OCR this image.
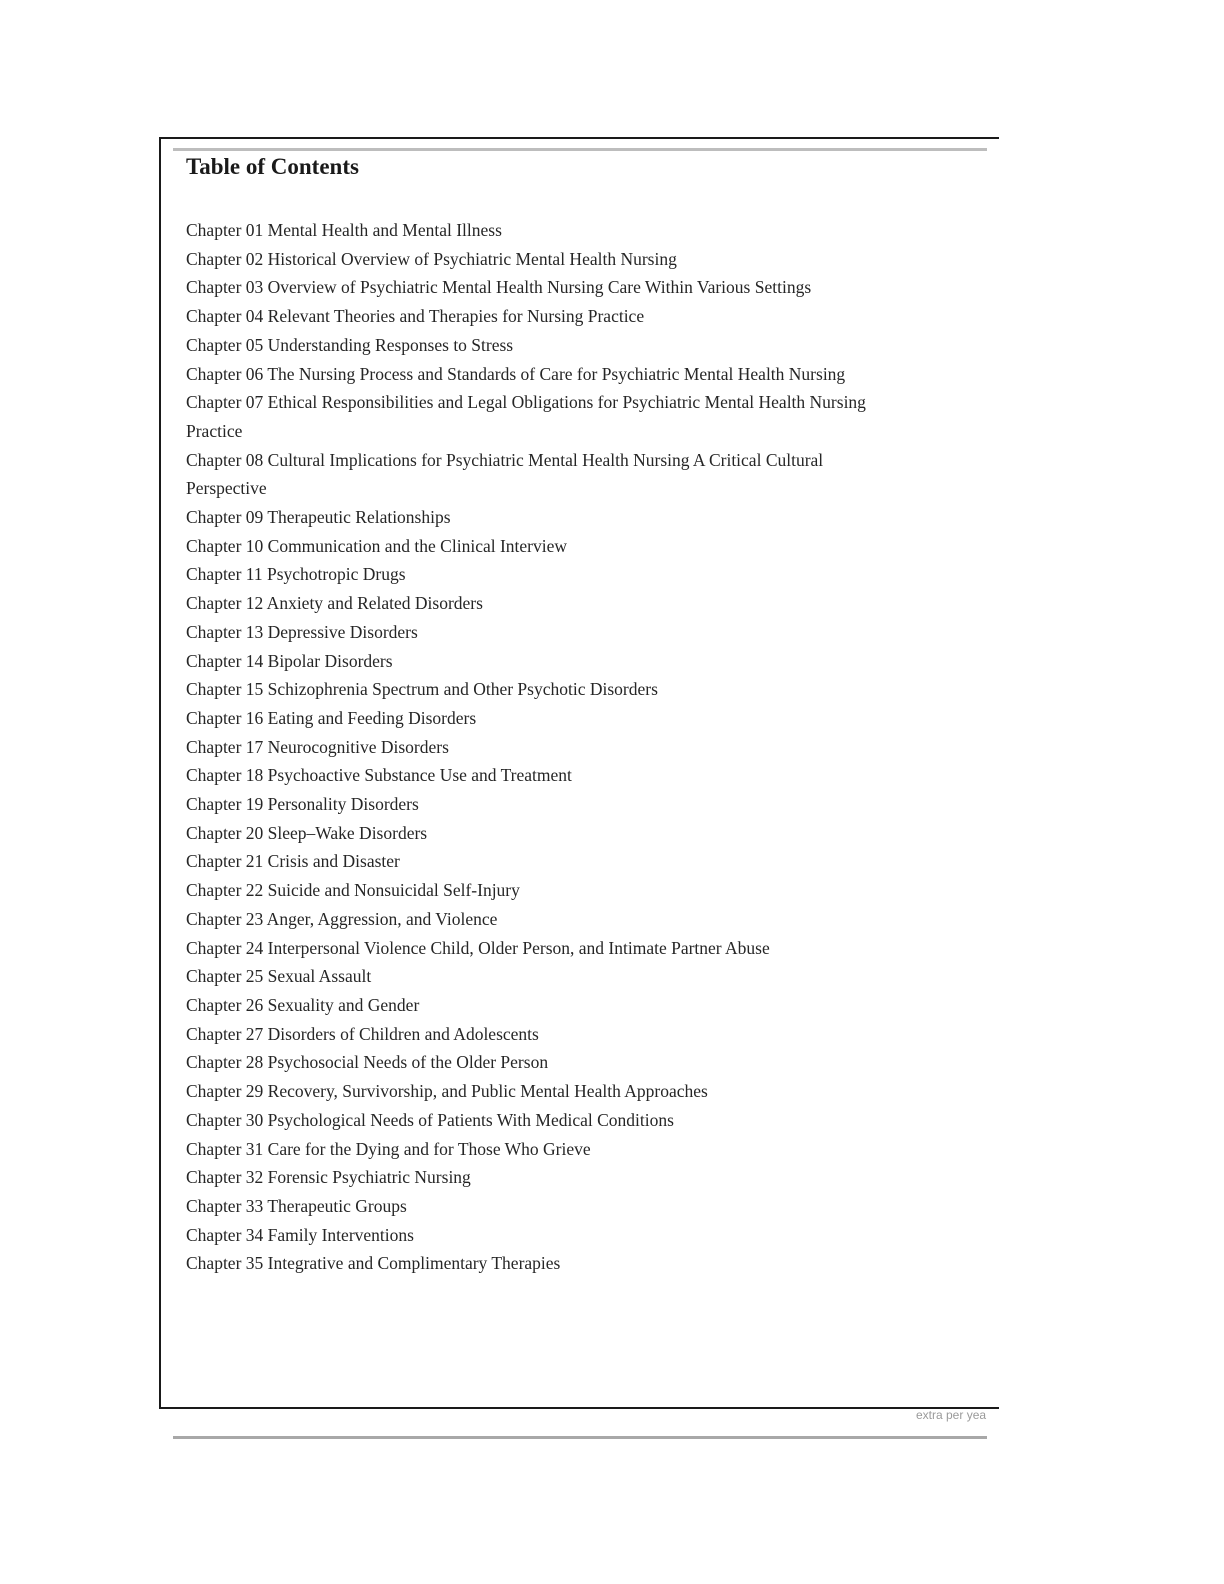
Table of Contents
Chapter 01 Mental Health and Mental Illness
Chapter 02 Historical Overview of Psychiatric Mental Health Nursing
Chapter 03 Overview of Psychiatric Mental Health Nursing Care Within Various Settings
Chapter 04 Relevant Theories and Therapies for Nursing Practice
Chapter 05 Understanding Responses to Stress
Chapter 06 The Nursing Process and Standards of Care for Psychiatric Mental Health Nursing
Chapter 07 Ethical Responsibilities and Legal Obligations for Psychiatric Mental Health Nursing Practice
Chapter 08 Cultural Implications for Psychiatric Mental Health Nursing A Critical Cultural Perspective
Chapter 09 Therapeutic Relationships
Chapter 10 Communication and the Clinical Interview
Chapter 11 Psychotropic Drugs
Chapter 12 Anxiety and Related Disorders
Chapter 13 Depressive Disorders
Chapter 14 Bipolar Disorders
Chapter 15 Schizophrenia Spectrum and Other Psychotic Disorders
Chapter 16 Eating and Feeding Disorders
Chapter 17 Neurocognitive Disorders
Chapter 18 Psychoactive Substance Use and Treatment
Chapter 19 Personality Disorders
Chapter 20 Sleep–Wake Disorders
Chapter 21 Crisis and Disaster
Chapter 22 Suicide and Nonsuicidal Self-Injury
Chapter 23 Anger, Aggression, and Violence
Chapter 24 Interpersonal Violence Child, Older Person, and Intimate Partner Abuse
Chapter 25 Sexual Assault
Chapter 26 Sexuality and Gender
Chapter 27 Disorders of Children and Adolescents
Chapter 28 Psychosocial Needs of the Older Person
Chapter 29 Recovery, Survivorship, and Public Mental Health Approaches
Chapter 30 Psychological Needs of Patients With Medical Conditions
Chapter 31 Care for the Dying and for Those Who Grieve
Chapter 32 Forensic Psychiatric Nursing
Chapter 33 Therapeutic Groups
Chapter 34 Family Interventions
Chapter 35 Integrative and Complimentary Therapies
extra per yea
